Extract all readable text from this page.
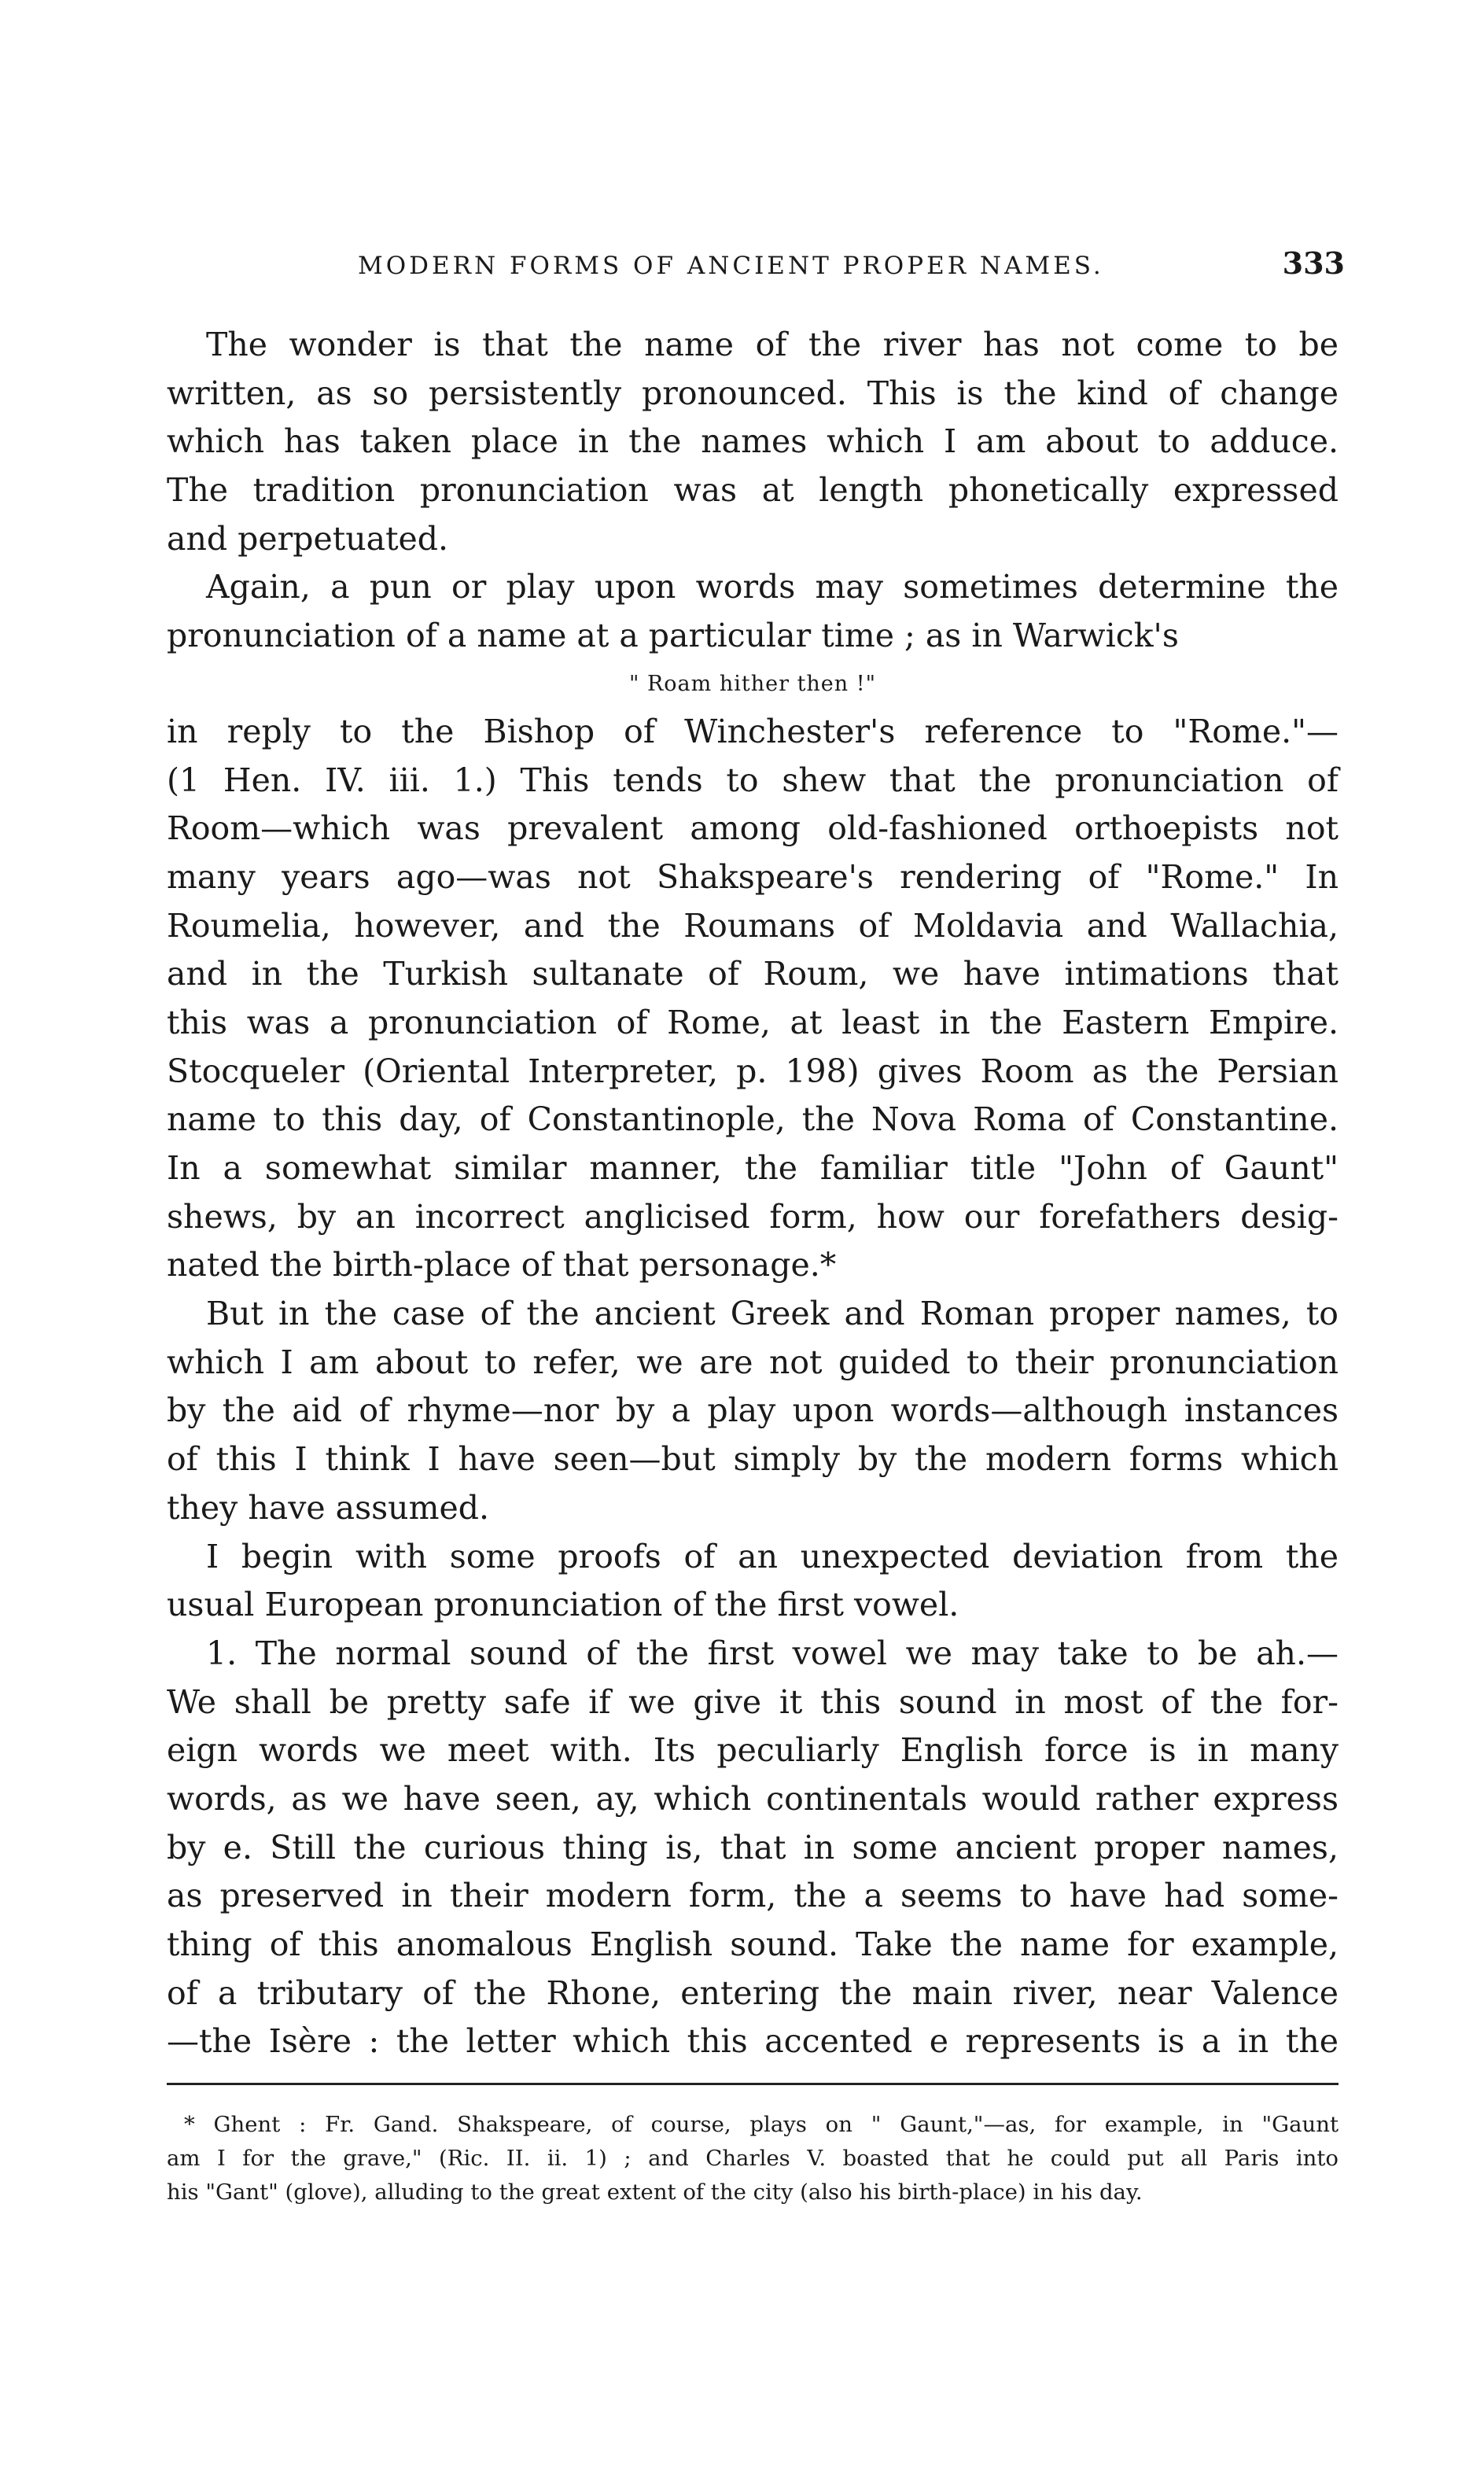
MODERN FORMS OF ANCIENT PROPER NAMES.	333
The wonder is that the name of the river has not come to be
written, as so persistently pronounced. This is the kind of change
which has taken place in the names which I am about to adduce.
The tradition pronunciation was at length phonetically expressed
and perpetuated.
Again, a pun or play upon words may sometimes determine the
pronunciation of a name at a particular time ; as in Warwick's
" Roam hither then !"
in reply to the Bishop of Winchester's reference to "Rome."—
(1 Hen. IV. iii. 1.) This tends to shew that the pronunciation of
Room—which was prevalent among old-fashioned orthoepists not
many years ago—was not Shakspeare's rendering of "Rome." In
Roumelia, however, and the Roumans of Moldavia and Wallachia,
and in the Turkish sultanate of Roum, we have intimations that
this was a pronunciation of Rome, at least in the Eastern Empire.
Stocqueler (Oriental Interpreter, p. 198) gives Room as the Persian
name to this day, of Constantinople, the Nova Roma of Constantine.
In a somewhat similar manner, the familiar title "John of Gaunt"
shews, by an incorrect anglicised form, how our forefathers desig-
nated the birth-place of that personage.*
But in the case of the ancient Greek and Roman proper names, to
which I am about to refer, we are not guided to their pronunciation
by the aid of rhyme—nor by a play upon words—although instances
of this I think I have seen—but simply by the modern forms which
they have assumed.
I begin with some proofs of an unexpected deviation from the
usual European pronunciation of the first vowel.
1. The normal sound of the first vowel we may take to be ah.—
We shall be pretty safe if we give it this sound in most of the for-
eign words we meet with. Its peculiarly English force is in many
words, as we have seen, ay, which continentals would rather express
by e. Still the curious thing is, that in some ancient proper names,
as preserved in their modern form, the a seems to have had some-
thing of this anomalous English sound. Take the name for example,
of a tributary of the Rhone, entering the main river, near Valence
—the Isère : the letter which this accented e represents is a in the
* Ghent : Fr. Gand. Shakspeare, of course, plays on " Gaunt,"—as, for example, in "Gaunt
am I for the grave," (Ric. II. ii. 1) ; and Charles V. boasted that he could put all Paris into
his "Gant" (glove), alluding to the great extent of the city (also his birth-place) in his day.
